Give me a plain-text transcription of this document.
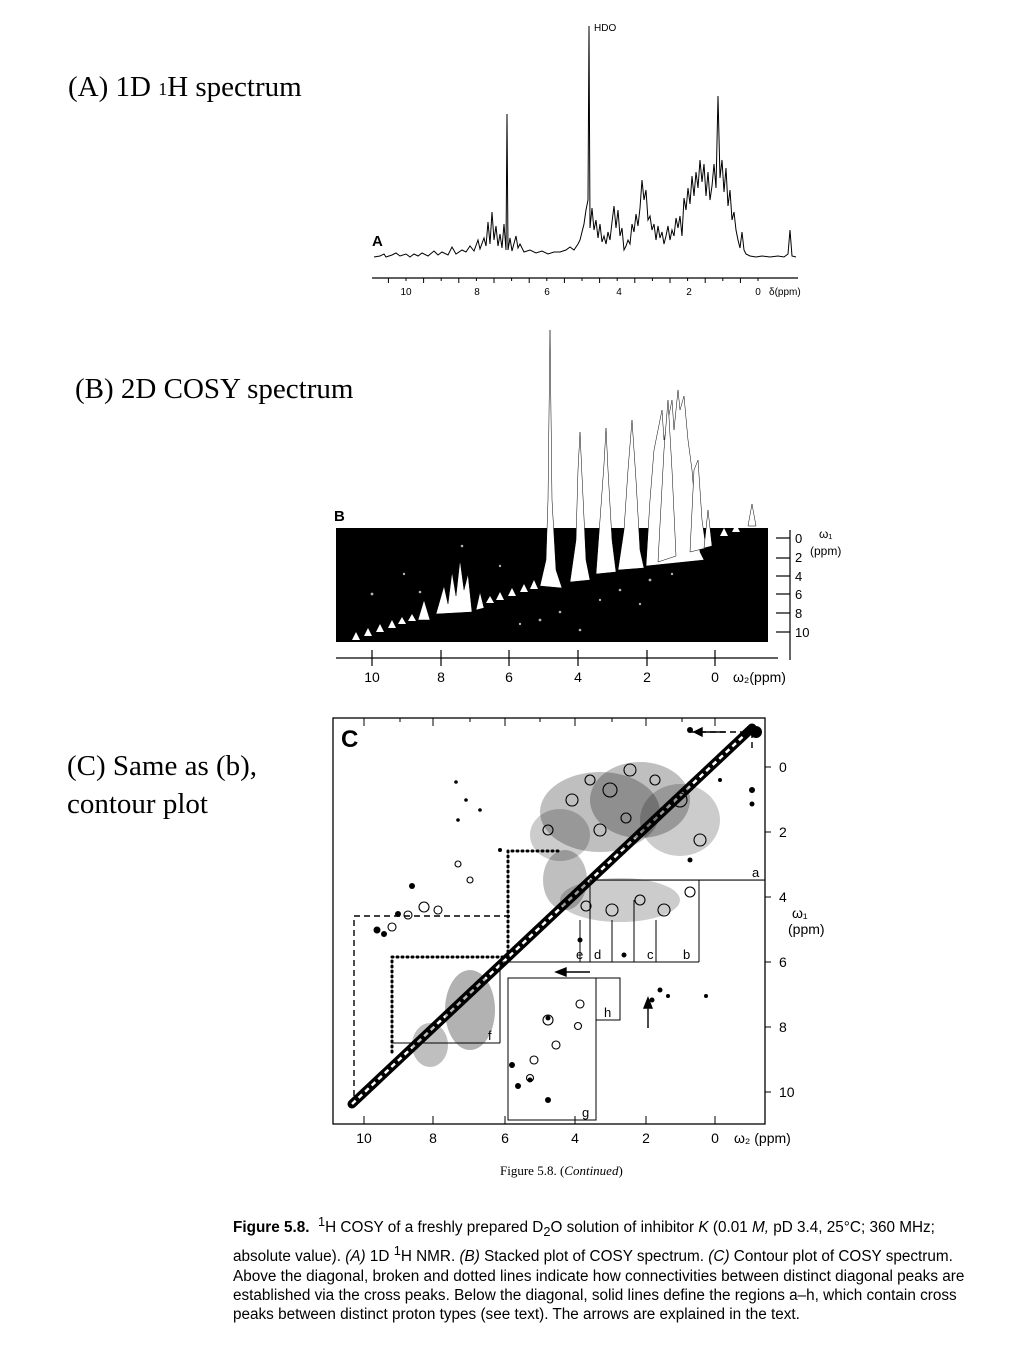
(A) 1D $^1$H spectrum
(B) 2D COSY spectrum
(C) Same as (b),
contour plot
A
HDO
10	8	6	4	2	0 δ(ppm)
B
10	8	6	4	2	0 ω₂(ppm)
0
2
4
6
8
10
ω₁
(ppm)
C
a
b
c
d
e
f
g
h
10	8	6	4	2	0 ω₂ (ppm)
0
2
4
6
8
10
ω₁
(ppm)
Figure 5.8. (Continued)
Figure 5.8. $^1$H COSY of a freshly prepared $D_2O$ solution of inhibitor K (0.01 M, pD 3.4, 25°C; 360 MHz; absolute value). (A) 1D $^1$H NMR. (B) Stacked plot of COSY spectrum. (C) Contour plot of COSY spectrum. Above the diagonal, broken and dotted lines indicate how connectivities between distinct diagonal peaks are established via the cross peaks. Below the diagonal, solid lines define the regions a–h, which contain cross peaks between distinct proton types (see text). The arrows are explained in the text.
